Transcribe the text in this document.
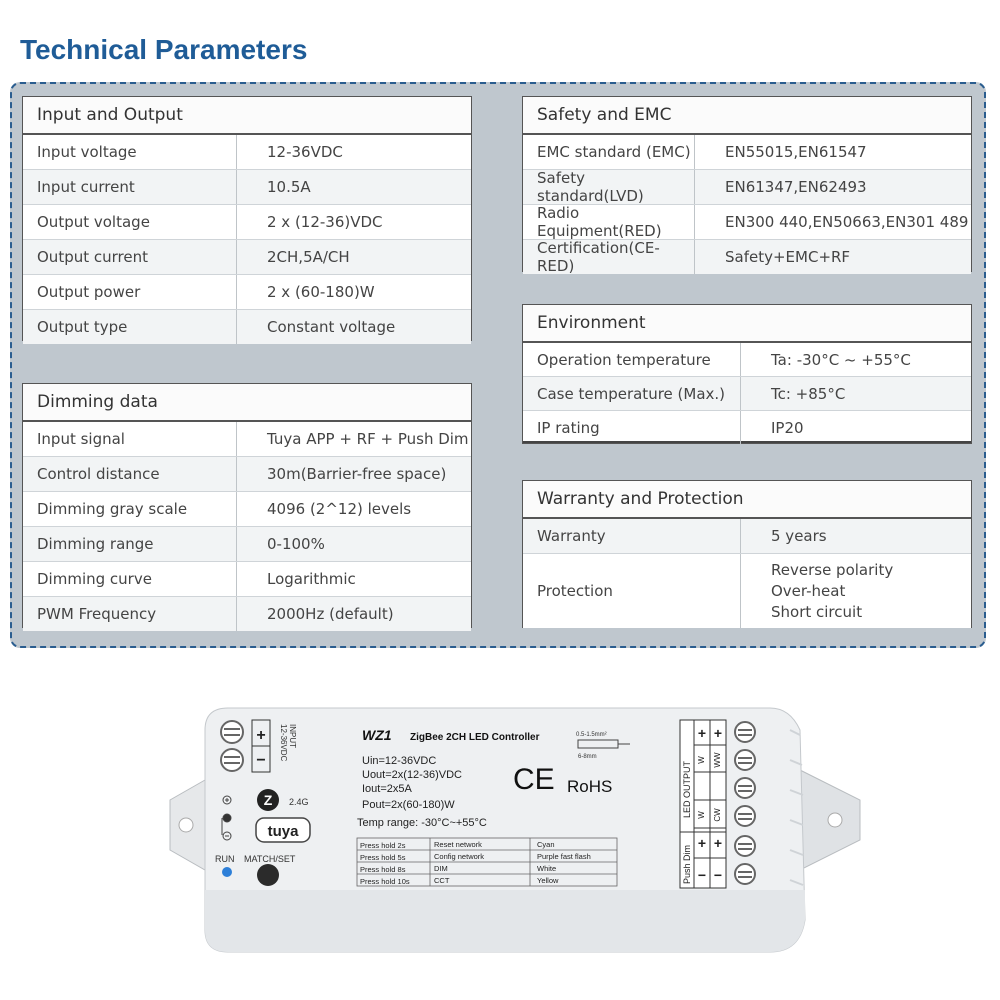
Technical Parameters
Input and Output
Input voltage	12-36VDC
Input current	10.5A
Output voltage	2 x (12-36)VDC
Output current	2CH,5A/CH
Output power	2 x (60-180)W
Output type	Constant voltage
Dimming data
Input signal	Tuya APP + RF + Push Dim
Control distance	30m(Barrier-free space)
Dimming gray scale	4096 (2^12) levels
Dimming range	0-100%
Dimming curve	Logarithmic
PWM Frequency	2000Hz (default)
Safety and EMC
EMC standard (EMC)	EN55015,EN61547
Safety standard(LVD)	EN61347,EN62493
Radio Equipment(RED)	EN300 440,EN50663,EN301 489
Certification(CE-RED)	Safety+EMC+RF
Environment
Operation temperature	Ta: -30°C ~ +55°C
Case temperature (Max.)	Tc: +85°C
IP rating	IP20
Warranty and Protection
Warranty	5 years
Protection
Reverse polarity
Over-heat
Short circuit
+
−
INPUT
12-36VDC
Z 2.4G
tuya
RUN MATCH/SET
WZ1 ZigBee 2CH LED Controller	0.5-1.5mm²
6-8mm
Uin=12-36VDC
Uout=2x(12-36)VDC
Iout=2x5A
Pout=2x(60-180)W
Temp range: -30°C~+55°C
CE RoHS
Press hold 2s	Reset network	Cyan
Press hold 5s	Config network	Purple fast flash
Press hold 8s	DIM	White
Press hold 10s	CCT	Yellow
LED OUTPUT
Push Dim
+ +
+ +
− −
W WW
W CW
